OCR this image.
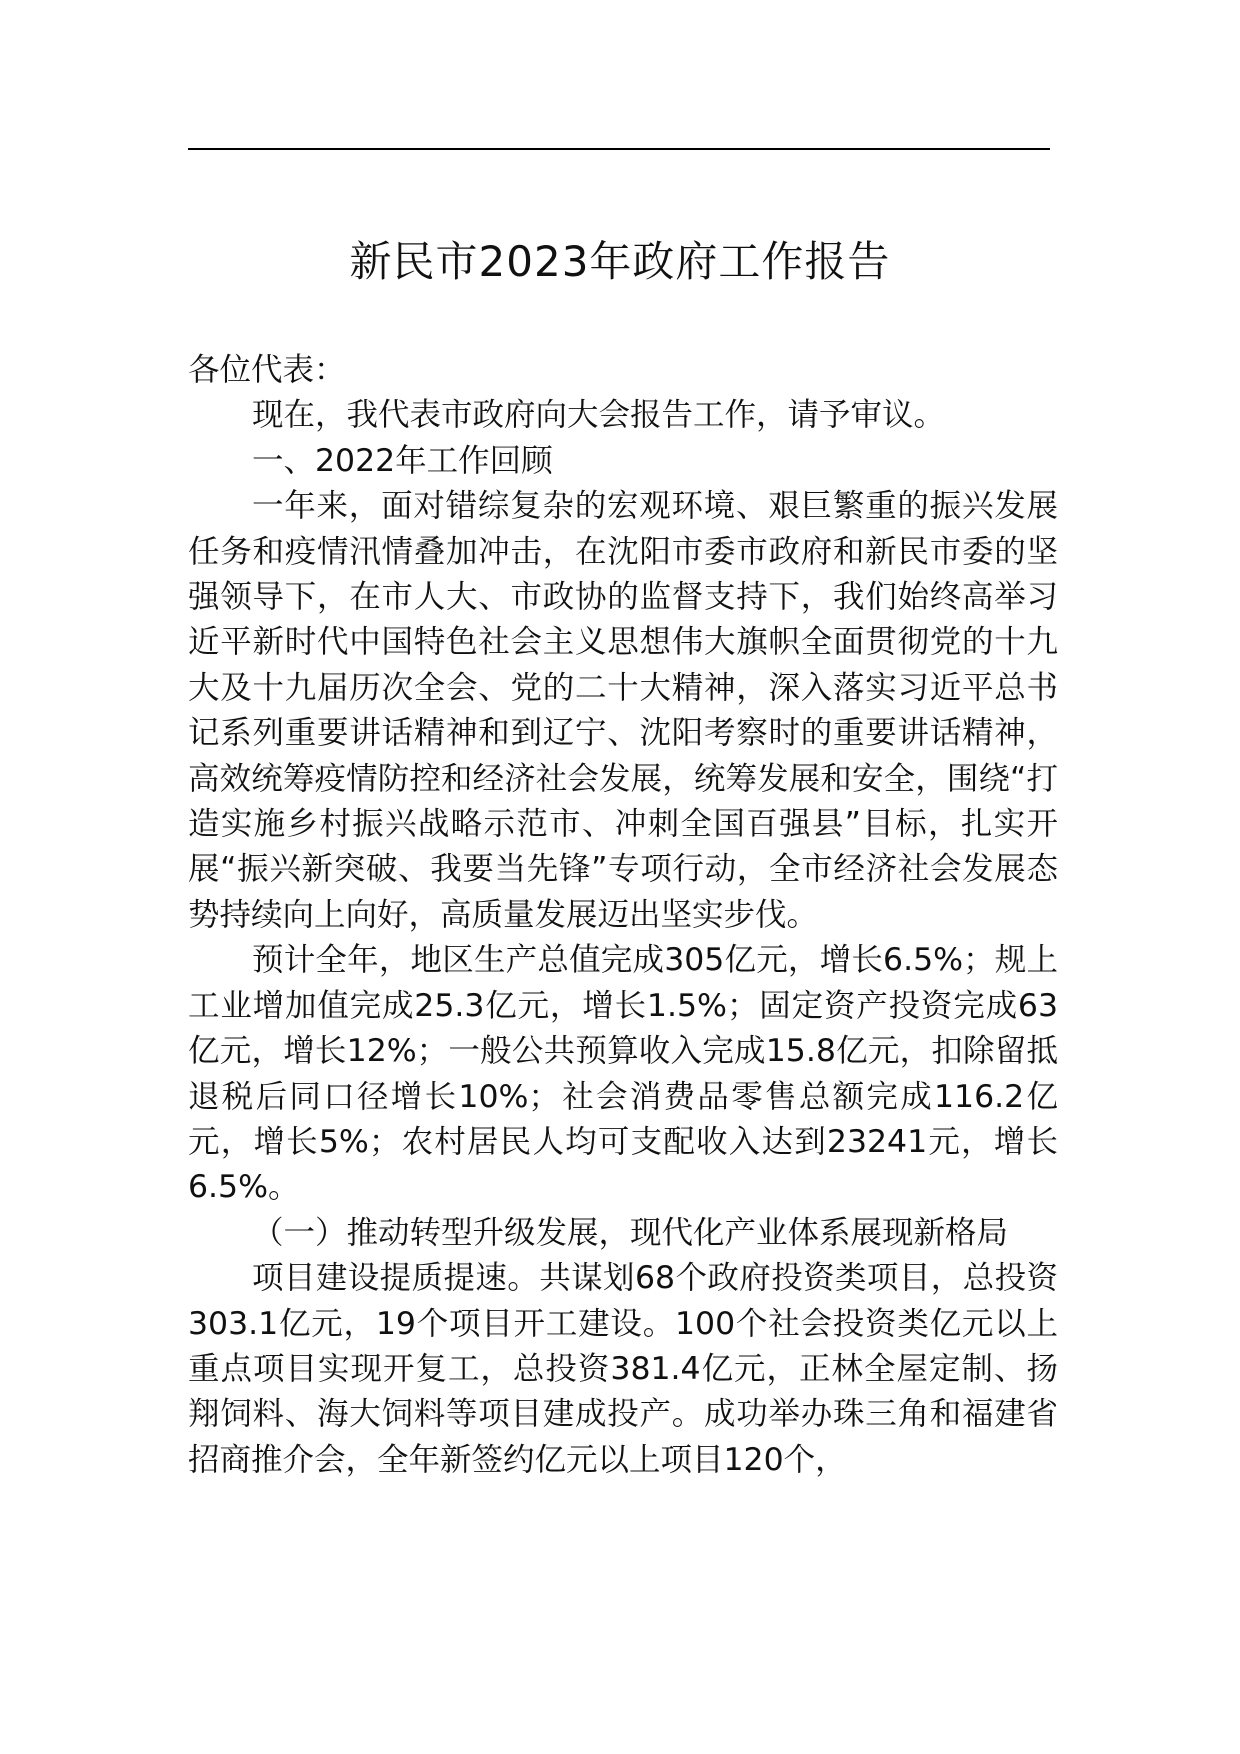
新民市2023年政府工作报告

各位代表：

现在，我代表市政府向大会报告工作，请予审议。

一、2022年工作回顾

一年来，面对错综复杂的宏观环境、艰巨繁重的振兴发展任务和疫情汛情叠加冲击，在沈阳市委市政府和新民市委的坚强领导下，在市人大、市政协的监督支持下，我们始终高举习近平新时代中国特色社会主义思想伟大旗帜全面贯彻党的十九大及十九届历次全会、党的二十大精神，深入落实习近平总书记系列重要讲话精神和到辽宁、沈阳考察时的重要讲话精神，高效统筹疫情防控和经济社会发展，统筹发展和安全，围绕“打造实施乡村振兴战略示范市、冲刺全国百强县”目标，扎实开展“振兴新突破、我要当先锋”专项行动，全市经济社会发展态势持续向上向好，高质量发展迈出坚实步伐。

预计全年，地区生产总值完成305亿元，增长6.5%；规上工业增加值完成25.3亿元，增长1.5%；固定资产投资完成63亿元，增长12%；一般公共预算收入完成15.8亿元，扣除留抵退税后同口径增长10%；社会消费品零售总额完成116.2亿元，增长5%；农村居民人均可支配收入达到23241元，增长6.5%。

（一）推动转型升级发展，现代化产业体系展现新格局

项目建设提质提速。共谋划68个政府投资类项目，总投资303.1亿元，19个项目开工建设。100个社会投资类亿元以上重点项目实现开复工，总投资381.4亿元，正林全屋定制、扬翔饲料、海大饲料等项目建成投产。成功举办珠三角和福建省招商推介会，全年新签约亿元以上项目120个，
